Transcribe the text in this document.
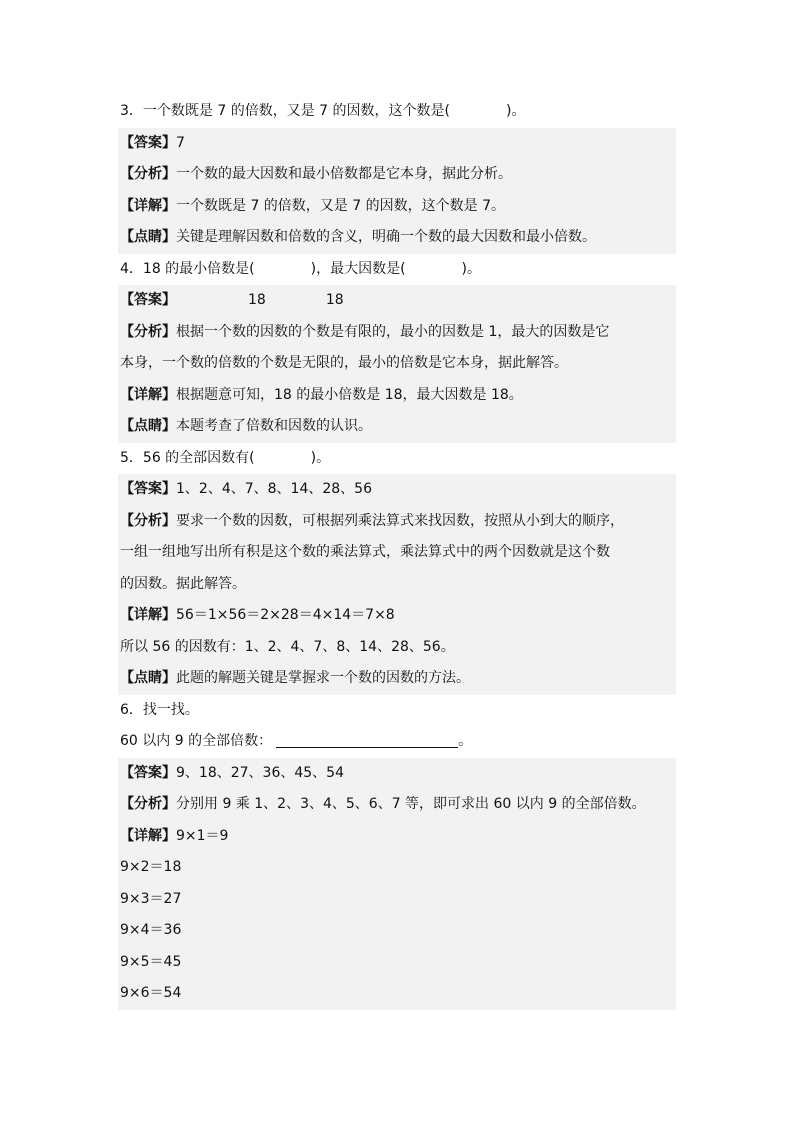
3．一个数既是 7 的倍数，又是 7 的因数，这个数是(　　　　)。
【答案】7
【分析】一个数的最大因数和最小倍数都是它本身，据此分析。
【详解】一个数既是 7 的倍数，又是 7 的因数，这个数是 7。
【点睛】关键是理解因数和倍数的含义，明确一个数的最大因数和最小倍数。
4．18 的最小倍数是(　　　　)，最大因数是(　　　　)。
【答案】	18	18
【分析】根据一个数的因数的个数是有限的，最小的因数是 1，最大的因数是它
本身，一个数的倍数的个数是无限的，最小的倍数是它本身，据此解答。
【详解】根据题意可知，18 的最小倍数是 18，最大因数是 18。
【点睛】本题考查了倍数和因数的认识。
5．56 的全部因数有(　　　　)。
【答案】1、2、4、7、8、14、28、56
【分析】要求一个数的因数，可根据列乘法算式来找因数，按照从小到大的顺序，
一组一组地写出所有积是这个数的乘法算式，乘法算式中的两个因数就是这个数
的因数。据此解答。
【详解】56＝1×56＝2×28＝4×14＝7×8
所以 56 的因数有：1、2、4、7、8、14、28、56。
【点睛】此题的解题关键是掌握求一个数的因数的方法。
6．找一找。
60 以内 9 的全部倍数：	。
【答案】9、18、27、36、45、54
【分析】分别用 9 乘 1、2、3、4、5、6、7 等，即可求出 60 以内 9 的全部倍数。
【详解】9×1＝9
9×2＝18
9×3＝27
9×4＝36
9×5＝45
9×6＝54
